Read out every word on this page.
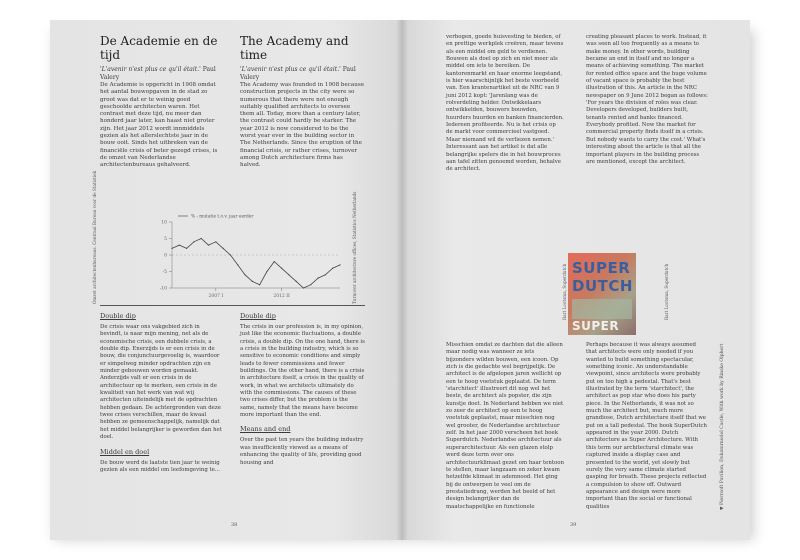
De Academie en de tijd
'L'avenir n'est plus ce qu'il était.' Paul Valery

De Academie is opgericht in 1908 omdat het aantal bouwopgaven in de stad zo groot was dat er te weinig goed geschoolde architecten waren. Het contrast met deze tijd, nu meer dan honderd jaar later, kan haast niet groter zijn. Het jaar 2012 wordt innmiddels gezien als het allerslechtste jaar in de bouw ooit. Sinds het uitbreken van de financiële crisis of beter gezegd crises, is de omzet van Nederlandse architectenbureaus gehalveerd.

The Academy and time
'L'avenir n'est plus ce qu'il était.' Paul Valery

The Academy was founded in 1908 because construction projects in the city were so numerous that there were not enough suitably qualified architects to oversee them all. Today, more than a century later, the contrast could hardly be starker. The year 2012 is now considered to be the worst year ever in the building sector in The Netherlands. Since the eruption of the financial crisis, or rather crises, turnover among Dutch architecture firms has halved.

Omzet architectenbureaus. Centraal Bureau voor de Statistiek	Turnover architecture offices, Statistics Netherlands
10
5
0
-5
-10
2007 I	2012 II
% - mutatie t.o.v. jaar eerder
Double dip

De crisis waar ons vakgebied zich in bevindt, is naar mijn mening, net als de economische crisis, een dubbele crisis, a double dip. Enerzijds is er een crisis in de bouw, die conjunctuurgevoelig is, waardoor er simpelweg minder opdrachten zijn en minder gebouwen worden gemaakt. Anderzijds valt er een crisis in de architectuur op te merken, een crisis in de kwaliteit van het werk van wat wij architecten uiteindelijk met de opdrachten hebben gedaan. De achtergronden van deze twee crises verschillen, maar de kwaal hebben ze gemeenschappelijk, namelijk dat het middel belangrijker is geworden dan het doel.

Middel en doel

De bouw werd de laatste tien jaar te weinig gezien als een middel om leefomgeving te...

Double dip

The crisis in our profession is, in my opinion, just like the economic fluctuations, a double crisis, a double dip. On the one hand, there is a crisis in the building industry, which is so sensitive to economic conditions and simply leads to fewer commissions and fewer buildings. On the other hand, there is a crisis in architecture itself, a crisis in the quality of work, in what we architects ultimately do with the commissions. The causes of these two crises differ, but the problem is the same, namely that the means have become more important than the end.

Means and end

Over the past ten years the building industry was insufficiently viewed as a means of enhancing the quality of life, providing good housing and

38

verbogen, goede huisvesting te bieden, of en prettige werkplek creëren, maar tevens als een middel om geld te verdienen. Bouwen als doel op zich en niet meer als middel om iets te bereiken. De kantorenmarkt en haar enorme leegstand, is hier waarschijnlijk het beste voorbeeld van. Een krantenartikel uit de NRC van 9 juni 2012 kopt: 'Jarenlang was de rolverdeling helder. Ontwikkelaars ontwikkelden, bouwers bouwden, huurders huurden en banken financierden. Iedereen profiteerde. Nu is het crisis op de markt voor commercieel vastgoed. Maar niemand wil de verliezen nemen.' Interessant aan het artikel is dat alle belangrijke spelers die in het bouwproces aan tafel zitten genoemd worden, behalve de architect.

creating pleasant places to work. Instead, it was seen all too frequently as a means to make money. In other words, building became an end in itself and no longer a means of achieving something. The market for rented office space and the huge volume of vacant space is probably the best illustration of this. An article in the NRC newspaper on 9 June 2012 began as follows: 'For years the division of roles was clear. Developers developed, builders built, tenants rented and banks financed. Everybody profited. Now the market for commercial property finds itself in a crisis. But nobody wants to carry the cost.' What's interesting about the article is that all the important players in the building process are mentioned, except the architect.

Bart Lootsma, Superdutch	Bart Lootsma, Superdutch
SUPER
DUTCH
SUPER

Misschien omdat ze dachten dat die alleen maar nodig was wanneer ze iets bijzonders wilden bouwen, een icoon. Op zich is die gedachte wel begrijpelijk. De architect is de afgelopen jaren wellicht op een te hoog voetstuk geplaatst. De term 'starchitect' illustreert dit nog wel het beste, de architect als popster, die zijn kunstje doet. In Nederland hebben we niet zo zeer de architect op een te hoog voetstuk geplaatst, maar misschien nog wel grooter, de Nederlandse architectuur zelf. In het jaar 2000 verscheen het boek Superdutch. Nederlandse architectuur als superarchitectuur. Als een glazen stolp werd deze term over ons architectuurklimaat gezet om haar tentoon te stellen, maar langzaam en zeker kwam hetzelfde klimaat in ademnood. Het ging bij de ontwerpen te veel om de prestatiedrang, werden het beeld of het design belangrijker dan de maatschappelijke en functionele

Perhaps because it was always assumed that architects were only needed if you wanted to build something spectacular, something iconic. An understandable viewpoint, since architects were probably put on too high a pedestal. That's best illustrated by the term 'starchitect', the architect as pop star who does his party piece. In the Netherlands, it was not so much the architect but, much more grandiose, Dutch architecture itself that we put on a tall pedestal. The book SuperDutch appeared in the year 2000. Dutch architecture as Super Architecture. With this term our architectural climate was captured inside a display case and presented to the world, yet slowly but surely the very same climate started gasping for breath. These projects reflected a compulsion to show off. Outward appearance and design were more important than the social or functional qualities	▼ Pierrsoft Pavilion, Dukomrnodel Castle, With work by Rinske Olphert
39
